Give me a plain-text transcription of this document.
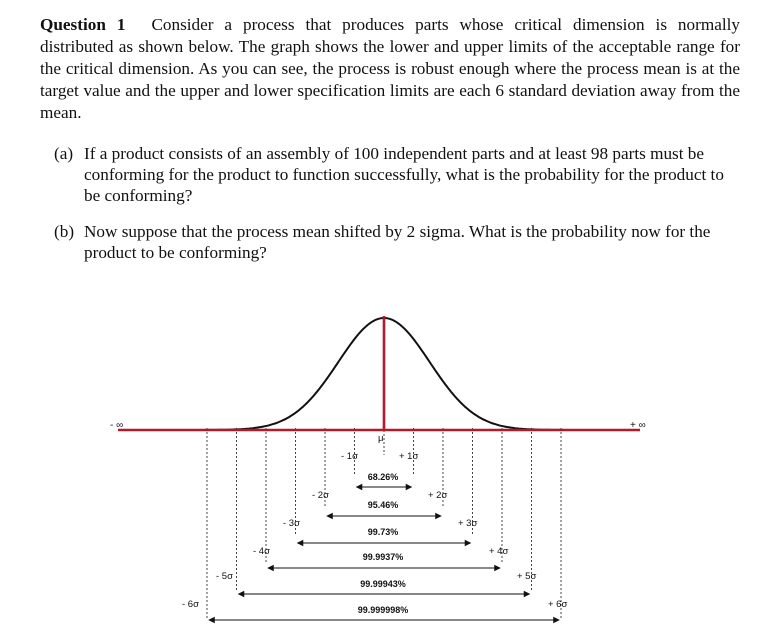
Question 1 Consider a process that produces parts whose critical dimension is normally distributed as shown below. The graph shows the lower and upper limits of the acceptable range for the critical dimension. As you can see, the process is robust enough where the process mean is at the target value and the upper and lower specification limits are each 6 standard deviation away from the mean.
(a) If a product consists of an assembly of 100 independent parts and at least 98 parts must be conforming for the product to function successfully, what is the probability for the product to be conforming?
(b) Now suppose that the process mean shifted by 2 sigma. What is the probability now for the product to be conforming?
- ∞	+ ∞
μ
- 1σ	+ 1σ
68.26%
- 2σ	+ 2σ
95.46%
- 3σ	+ 3σ
99.73%
- 4σ	+ 4σ
99.9937%
- 5σ	+ 5σ
99.99943%
- 6σ	+ 6σ
99.999998%
